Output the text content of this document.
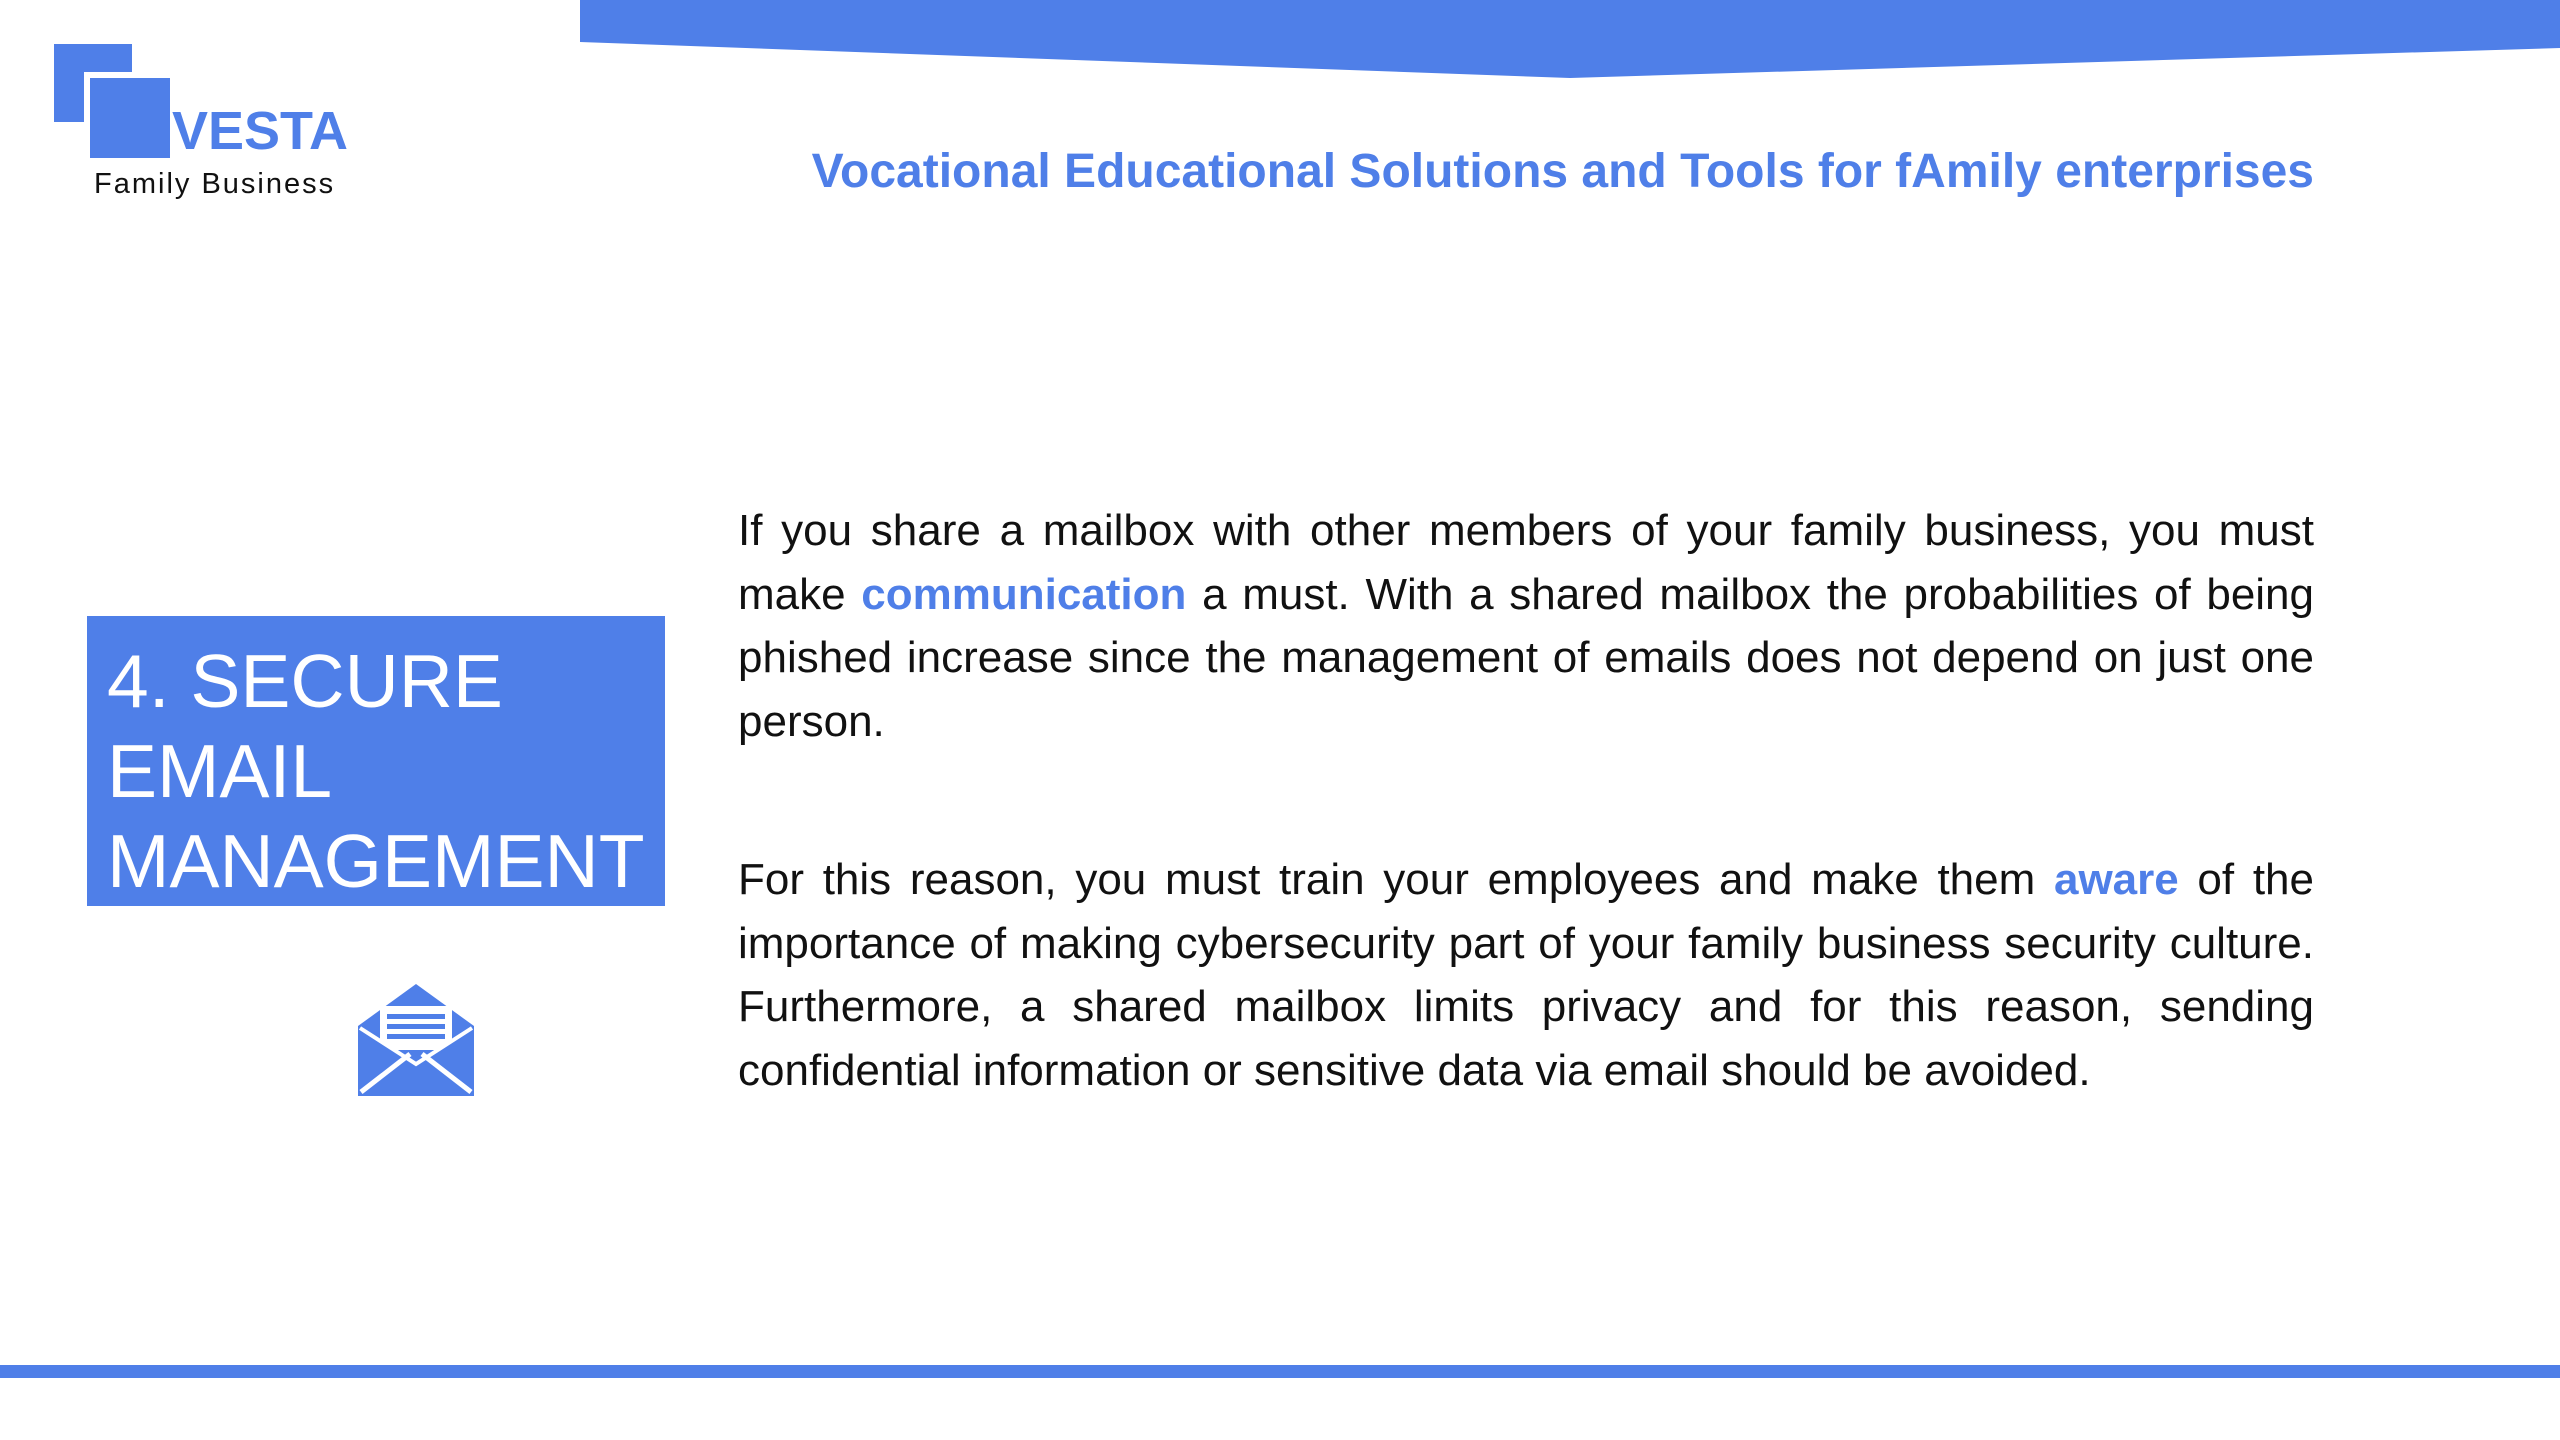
VESTA
Family Business	Vocational Educational Solutions and Tools for fAmily enterprises
4. SECURE
EMAIL
MANAGEMENT

If you share a mailbox with other members of your family business, you must make communication a must. With a shared mailbox the probabilities of being phished increase since the management of emails does not depend on just one person.

For this reason, you must train your employees and make them aware of the importance of making cybersecurity part of your family business security culture. Furthermore, a shared mailbox limits privacy and for this reason, sending confidential information or sensitive data via email should be avoided.
